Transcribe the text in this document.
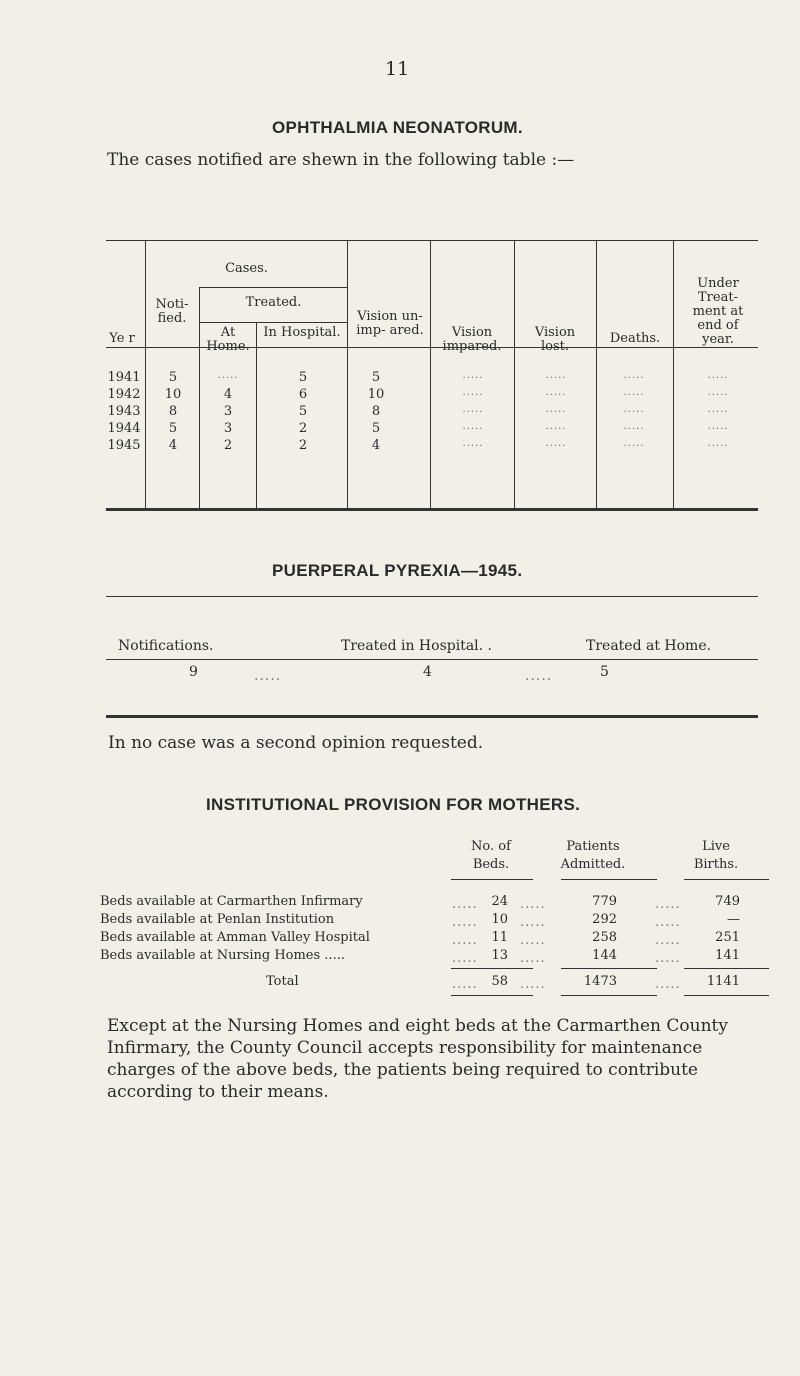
11
OPHTHALMIA NEONATORUM.
The cases notified are shewn in the following table :—
Cases.
Treated.
Noti- fied.
At Home.
In Hospital.
Ye r
Vision un-imp- ared.	Vision impared.
Vision lost.
Deaths.
Under Treat- ment at end of year.
1941	5	.....	5	5	.....	.....	.....	.....
1942	10	4	6	10	.....	.....	.....	.....
1943	8	3	5	8	.....	.....	.....	.....
1944	5	3	2	5	.....	.....	.....	.....
1945	4	2	2	4	.....	.....	.....	.....
PUERPERAL PYREXIA—1945.
Notifications.	Treated in Hospital. .	Treated at Home.
9	.....	4	.....	5
In no case was a second opinion requested.
INSTITUTIONAL PROVISION FOR MOTHERS.
No. of Beds.
Patients Admitted.
Live Births.
Beds available at Carmarthen Infirmary	.....	24 .....	779	.....	749
Beds available at Penlan Institution	.....	10 .....	292	.....	—
Beds available at Amman Valley Hospital	.....	11 .....	258	.....	251
Beds available at Nursing Homes .....	.....	13 .....	144	.....	141
Total	.....	58 .....	1473	.....	1141
Except at the Nursing Homes and eight beds at the Carmarthen County Infirmary, the County Council accepts responsibility for maintenance charges of the above beds, the patients being required to contribute according to their means.
